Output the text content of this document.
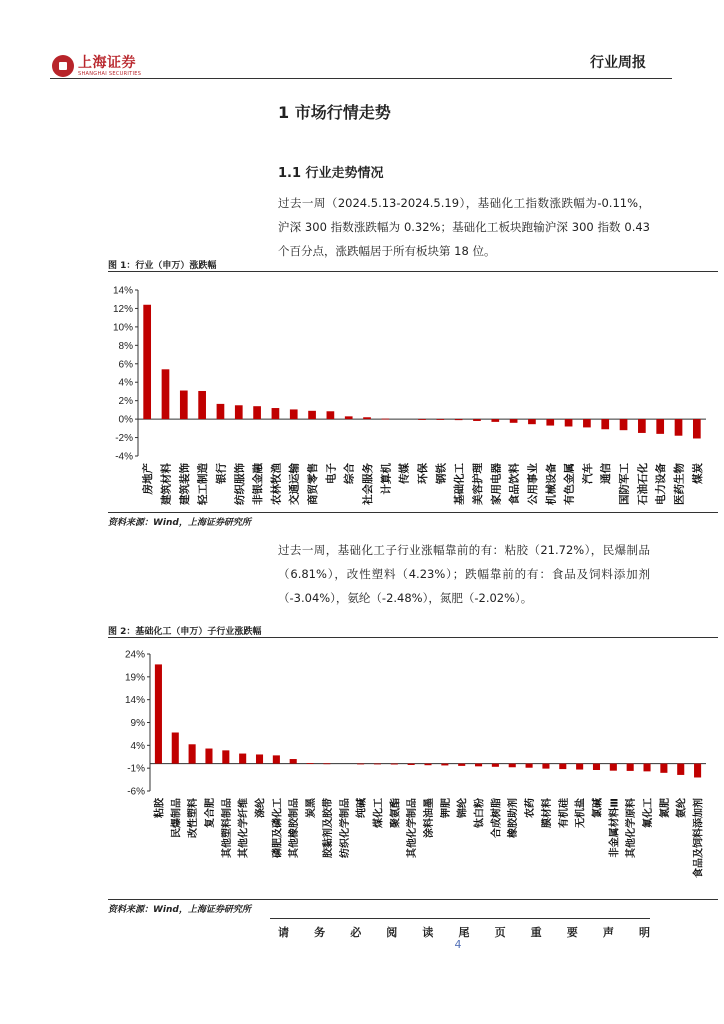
上海证券
SHANGHAI SECURITIES
行业周报
1 市场行情走势
1.1 行业走势情况
过去一周（2024.5.13-2024.5.19），基础化工指数涨跌幅为-0.11%，沪深 300 指数涨跌幅为 0.32%；基础化工板块跑输沪深 300 指数 0.43 个百分点，涨跌幅居于所有板块第 18 位。
图 1：行业（申万）涨跌幅
-4%
-2%
0%
2%
4%
6%
8%
10%
12%
14%
房地产 建筑材料 建筑装饰 轻工制造 银行 纺织服饰 非银金融 农林牧渔 交通运输 商贸零售 电子 综合 社会服务 计算机 传媒 环保 钢铁 基础化工 美容护理 家用电器 食品饮料 公用事业 机械设备 有色金属 汽车 通信 国防军工 石油石化 电力设备 医药生物 煤炭
资料来源：Wind，上海证券研究所
过去一周，基础化工子行业涨幅靠前的有：粘胶（21.72%），民爆制品（6.81%），改性塑料（4.23%）；跌幅靠前的有：食品及饲料添加剂（-3.04%），氨纶（-2.48%），氮肥（-2.02%）。
图 2：基础化工（申万）子行业涨跌幅
-6%
-1%
4%
9%
14%
19%
24%
粘胶 民爆制品 改性塑料 复合肥 其他塑料制品 其他化学纤维 涤纶 磷肥及磷化工 其他橡胶制品 炭黑 胶黏剂及胶带 纺织化学制品 纯碱 煤化工 聚氨酯 其他化学制品 涂料油墨 钾肥 锦纶 钛白粉 合成树脂 橡胶助剂 农药 膜材料 有机硅 无机盐 氯碱 非金属材料Ⅲ 其他化学原料 氟化工 氮肥 氨纶 食品及饲料添加剂
资料来源：Wind，上海证券研究所
请 务 必 阅 读 尾 页 重 要 声 明
4
